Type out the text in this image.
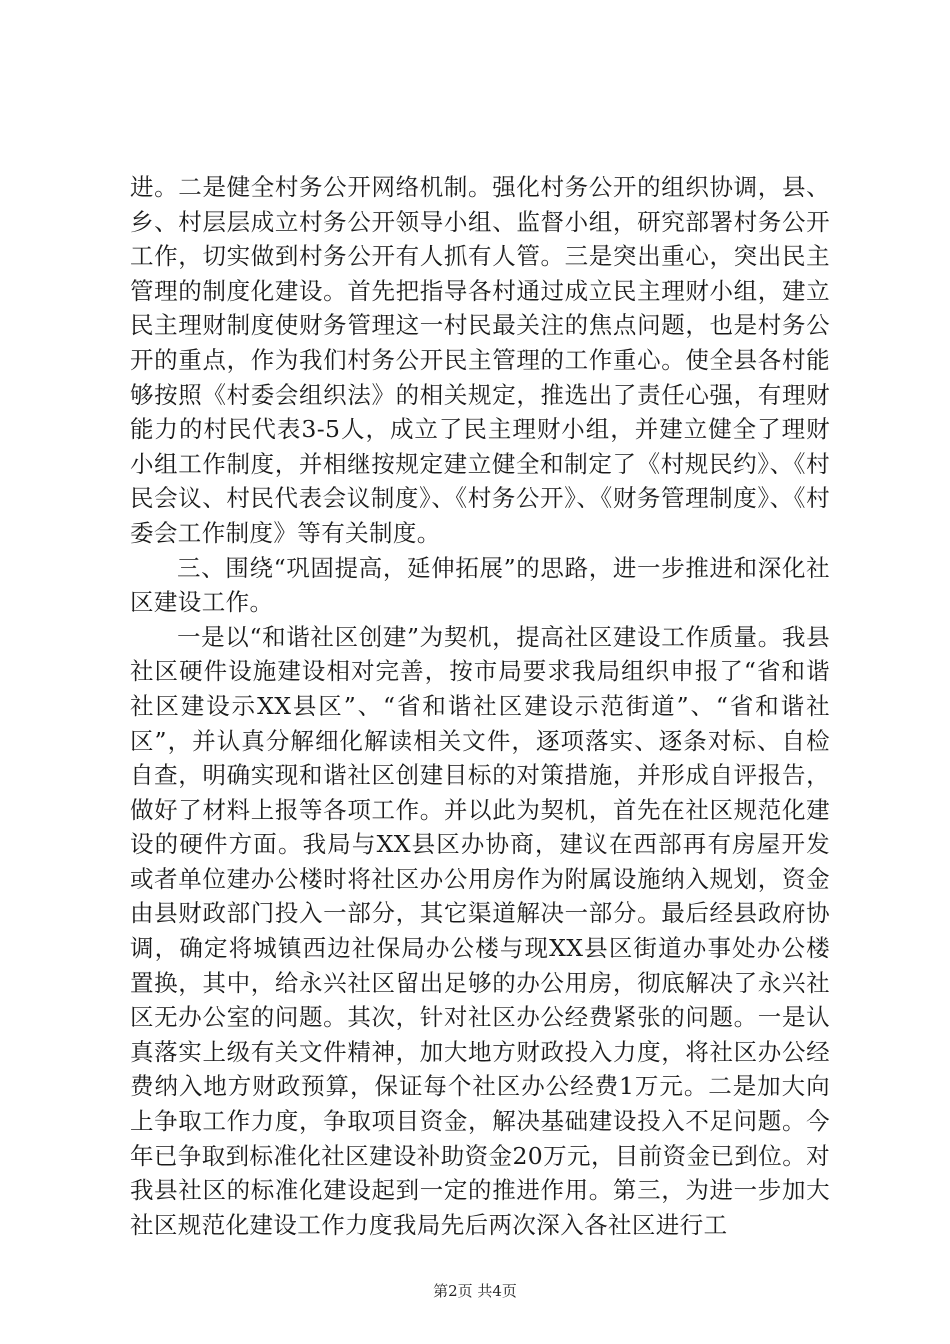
进。二是健全村务公开网络机制。强化村务公开的组织协调，县、乡、村层层成立村务公开领导小组、监督小组，研究部署村务公开工作，切实做到村务公开有人抓有人管。三是突出重心，突出民主管理的制度化建设。首先把指导各村通过成立民主理财小组，建立民主理财制度使财务管理这一村民最关注的焦点问题，也是村务公开的重点，作为我们村务公开民主管理的工作重心。使全县各村能够按照《村委会组织法》的相关规定，推选出了责任心强，有理财能力的村民代表3-5人，成立了民主理财小组，并建立健全了理财小组工作制度，并相继按规定建立健全和制定了《村规民约》、《村民会议、村民代表会议制度》、《村务公开》、《财务管理制度》、《村委会工作制度》等有关制度。

三、围绕“巩固提高，延伸拓展”的思路，进一步推进和深化社区建设工作。

一是以“和谐社区创建”为契机，提高社区建设工作质量。我县社区硬件设施建设相对完善，按市局要求我局组织申报了“省和谐社区建设示XX县区”、“省和谐社区建设示范街道”、“省和谐社区”，并认真分解细化解读相关文件，逐项落实、逐条对标、自检自查，明确实现和谐社区创建目标的对策措施，并形成自评报告，做好了材料上报等各项工作。并以此为契机，首先在社区规范化建设的硬件方面。我局与XX县区办协商，建议在西部再有房屋开发或者单位建办公楼时将社区办公用房作为附属设施纳入规划，资金由县财政部门投入一部分，其它渠道解决一部分。最后经县政府协调，确定将城镇西边社保局办公楼与现XX县区街道办事处办公楼置换，其中，给永兴社区留出足够的办公用房，彻底解决了永兴社区无办公室的问题。其次，针对社区办公经费紧张的问题。一是认真落实上级有关文件精神，加大地方财政投入力度，将社区办公经费纳入地方财政预算，保证每个社区办公经费1万元。二是加大向上争取工作力度，争取项目资金，解决基础建设投入不足问题。今年已争取到标准化社区建设补助资金20万元，目前资金已到位。对我县社区的标准化建设起到一定的推进作用。第三，为进一步加大社区规范化建设工作力度我局先后两次深入各社区进行工

第2页 共4页
